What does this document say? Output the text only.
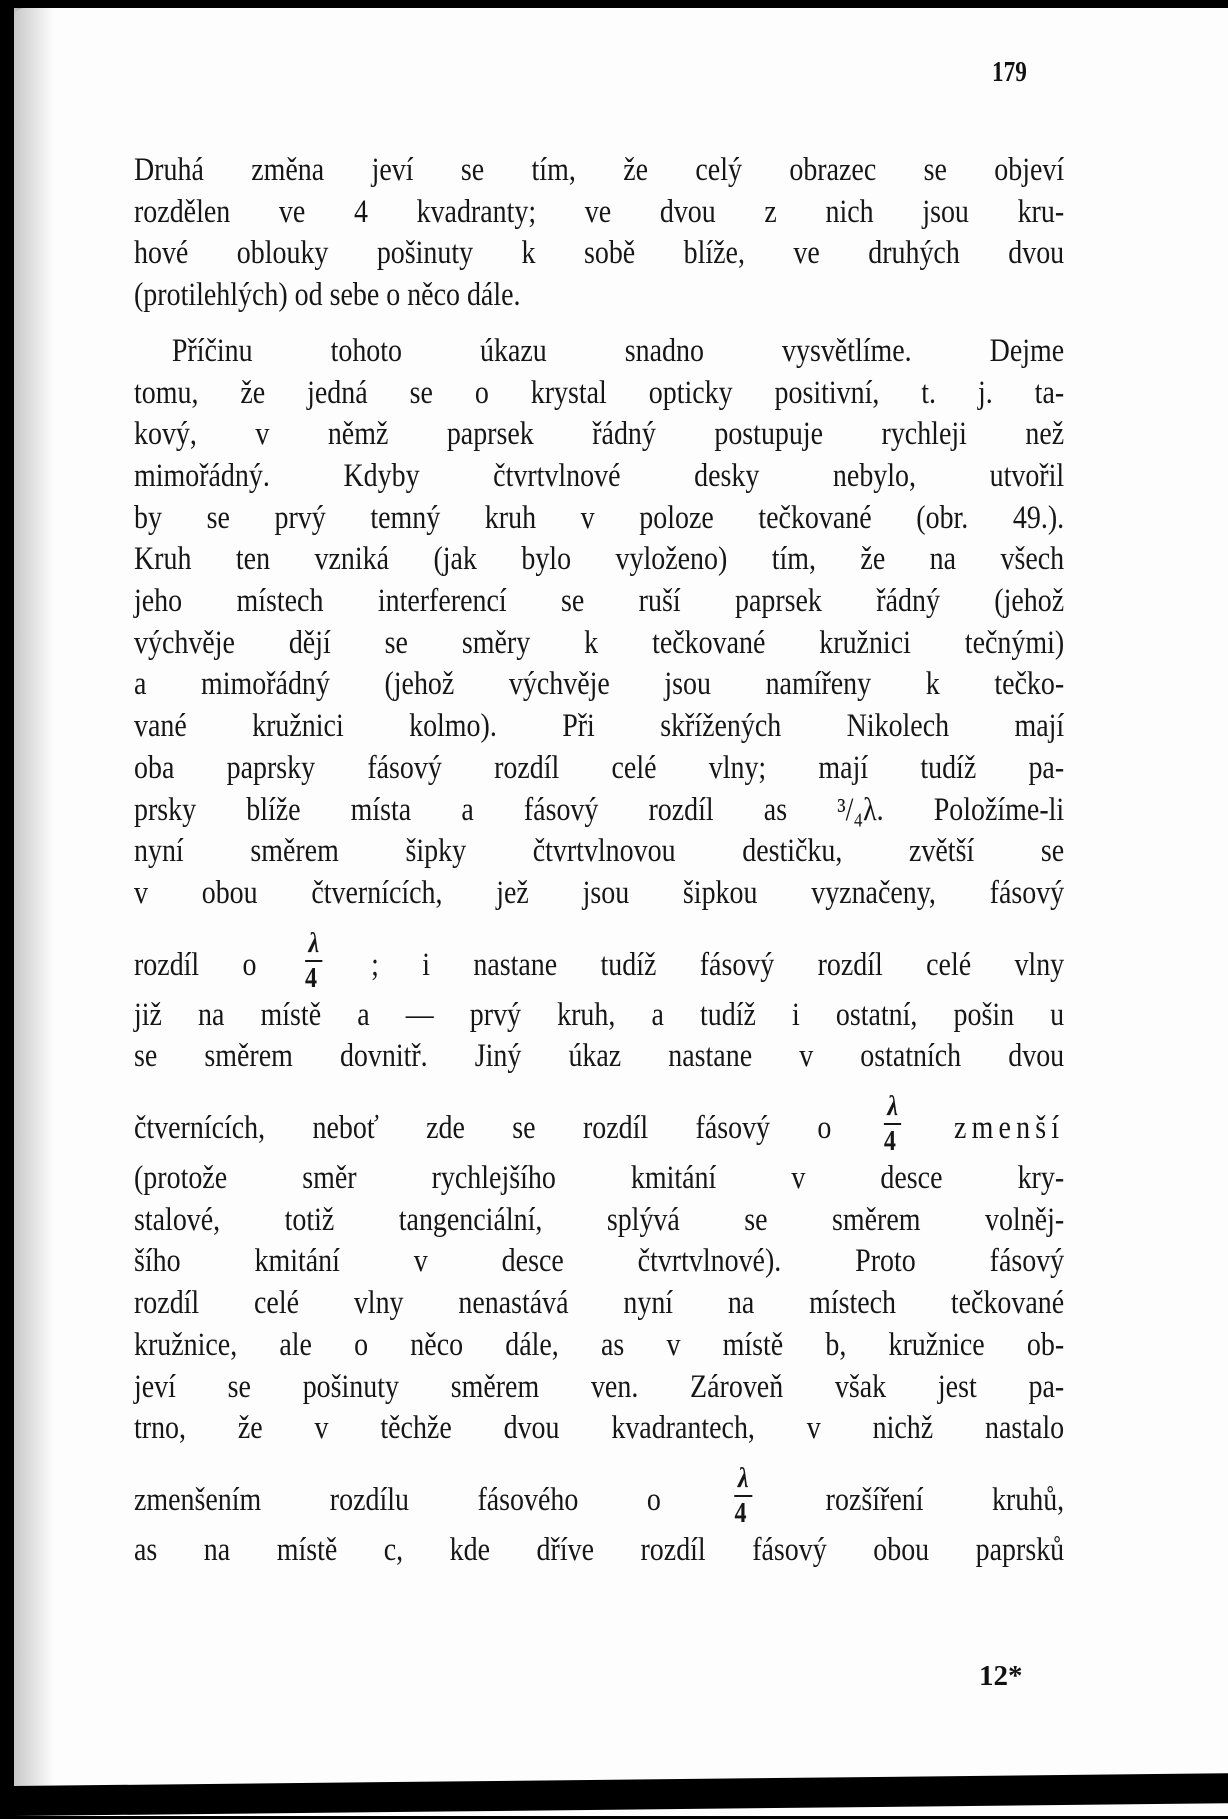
179
Druhá změna jeví se tím, že celý obrazec se objeví
rozdělen ve 4 kvadranty; ve dvou z nich jsou kru-
hové oblouky pošinuty k sobě blíže, ve druhých dvou
(protilehlých) od sebe o něco dále.
Příčinu tohoto úkazu snadno vysvětlíme. Dejme
tomu, že jedná se o krystal opticky positivní, t. j. ta-
kový, v němž paprsek řádný postupuje rychleji než
mimořádný. Kdyby čtvrtvlnové desky nebylo, utvořil
by se prvý temný kruh v poloze tečkované (obr. 49.).
Kruh ten vzniká (jak bylo vyloženo) tím, že na všech
jeho místech interferencí se ruší paprsek řádný (jehož
výchvěje dějí se směry k tečkované kružnici tečnými)
a mimořádný (jehož výchvěje jsou namířeny k tečko-
vané kružnici kolmo). Při skřížených Nikolech mají
oba paprsky fásový rozdíl celé vlny; mají tudíž pa-
prsky blíže místa a fásový rozdíl as ³/₄λ. Položíme-li
nyní směrem šipky čtvrtvlnovou destičku, zvětší se
v obou čtvernících, jež jsou šipkou vyznačeny, fásový
rozdíl o $\frac{\lambda}{4}$ ; i nastane tudíž fásový rozdíl celé vlny
již na místě a — prvý kruh, a tudíž i ostatní, pošin u
se směrem dovnitř. Jiný úkaz nastane v ostatních dvou
čtvernících, neboť zde se rozdíl fásový o $\frac{\lambda}{4}$ zmenší
(protože směr rychlejšího kmitání v desce kry-
stalové, totiž tangenciální, splývá se směrem volněj-
šího kmitání v desce čtvrtvlnové). Proto fásový
rozdíl celé vlny nenastává nyní na místech tečkované
kružnice, ale o něco dále, as v místě b, kružnice ob-
jeví se pošinuty směrem ven. Zároveň však jest pa-
trno, že v těchže dvou kvadrantech, v nichž nastalo
zmenšením rozdílu fásového o	$\frac{\lambda}{4}$ rozšíření kruhů,
as na místě c, kde dříve rozdíl fásový obou paprsků
12*
